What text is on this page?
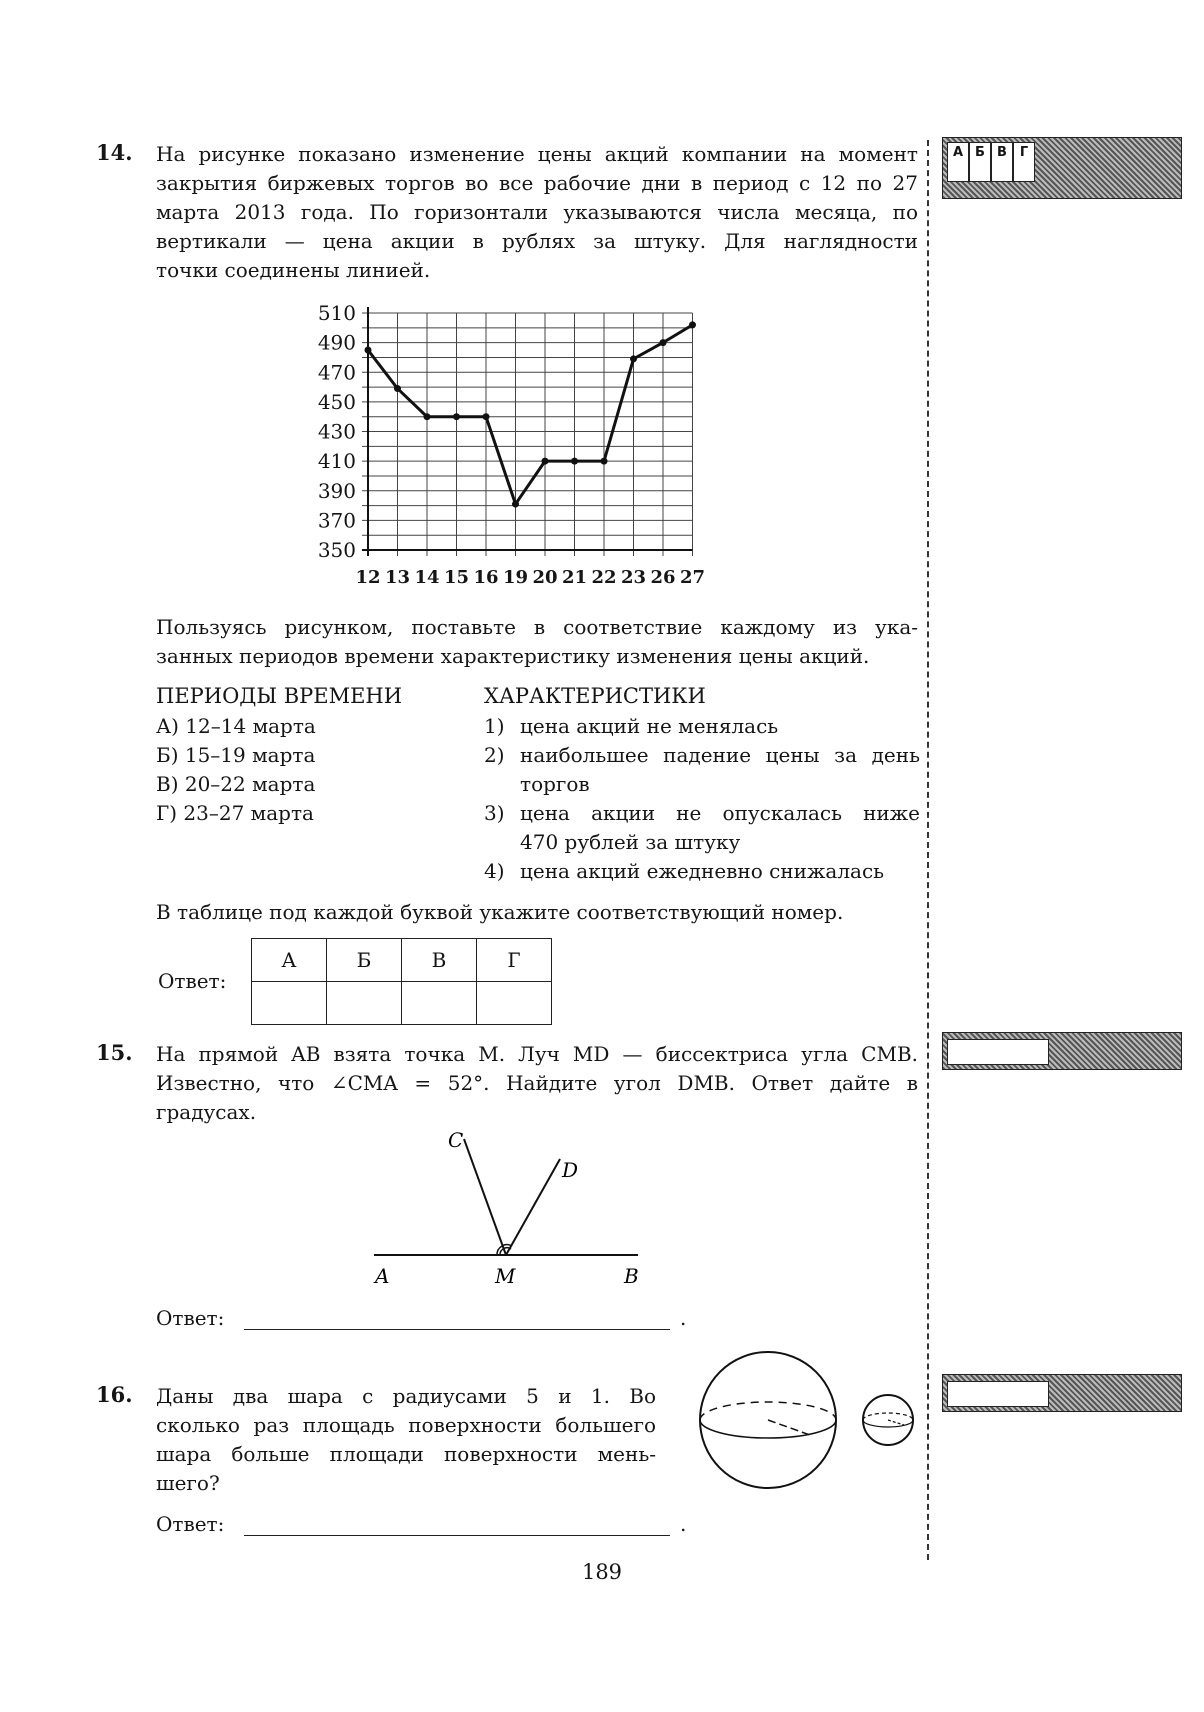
А Б В Г
14. На рисунке показано изменение цены акций компании на момент
закрытия биржевых торгов во все рабочие дни в период с 12 по 27
марта 2013 года. По горизонтали указываются числа месяца, по
вертикали — цена акции в рублях за штуку. Для наглядности
точки соединены линией.
510
490
470
450
430
410
390
370
350
12 13 14 15 16 19 20 21 22 23 26 27
Пользуясь рисунком, поставьте в соответствие каждому из ука-
занных периодов времени характеристику изменения цены акций.
ПЕРИОДЫ ВРЕМЕНИ
А) 12–14 марта
Б) 15–19 марта
В) 20–22 марта
Г) 23–27 марта
ХАРАКТЕРИСТИКИ
1) цена акций не менялась
2) наибольшее падение цены за день
торгов
3) цена акции не опускалась ниже
470 рублей за штуку
4) цена акций ежедневно снижалась
В таблице под каждой буквой укажите соответствующий номер.
Ответ:
А	Б	В	Г

15. На прямой AB взята точка M. Луч MD — биссектриса угла CMB.
Известно, что ∠CMA = 52°. Найдите угол DMB. Ответ дайте в
градусах.
C
D
A	M	B
Ответ:	.
16. Даны два шара с радиусами 5 и 1. Во
сколько раз площадь поверхности большего
шара больше площади поверхности мень-
шего?
Ответ:	.
189
